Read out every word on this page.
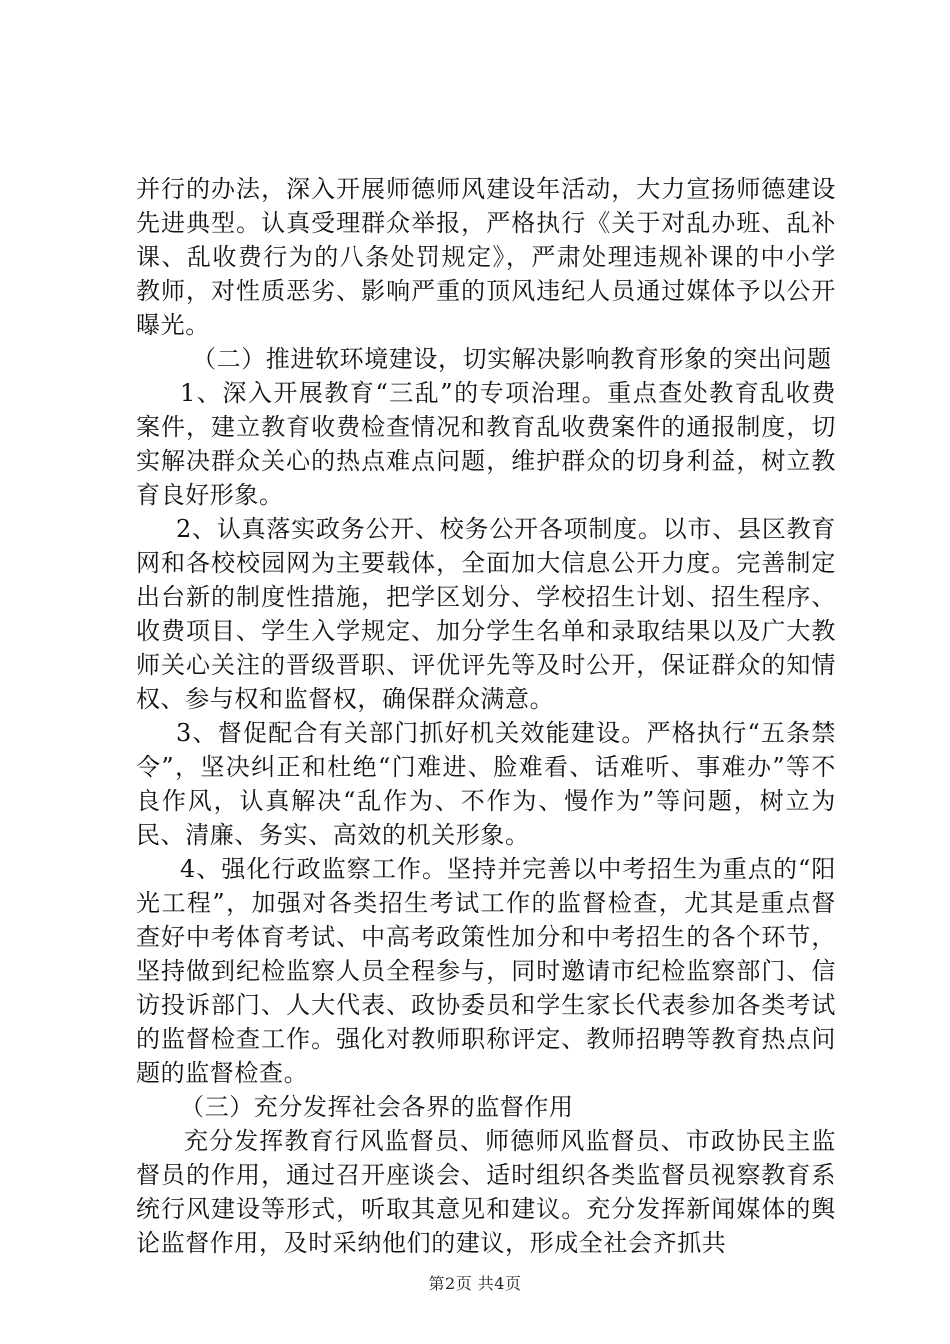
并行的办法，深入开展师德师风建设年活动，大力宣扬师德建设先进典型。认真受理群众举报，严格执行《关于对乱办班、乱补课、乱收费行为的八条处罚规定》，严肃处理违规补课的中小学教师，对性质恶劣、影响严重的顶风违纪人员通过媒体予以公开曝光。

（二）推进软环境建设，切实解决影响教育形象的突出问题

1、深入开展教育“三乱”的专项治理。重点查处教育乱收费案件，建立教育收费检查情况和教育乱收费案件的通报制度，切实解决群众关心的热点难点问题，维护群众的切身利益，树立教育良好形象。

2、认真落实政务公开、校务公开各项制度。以市、县区教育网和各校校园网为主要载体，全面加大信息公开力度。完善制定出台新的制度性措施，把学区划分、学校招生计划、招生程序、收费项目、学生入学规定、加分学生名单和录取结果以及广大教师关心关注的晋级晋职、评优评先等及时公开，保证群众的知情权、参与权和监督权，确保群众满意。

3、督促配合有关部门抓好机关效能建设。严格执行“五条禁令”，坚决纠正和杜绝“门难进、脸难看、话难听、事难办”等不良作风，认真解决“乱作为、不作为、慢作为”等问题，树立为民、清廉、务实、高效的机关形象。

4、强化行政监察工作。坚持并完善以中考招生为重点的“阳光工程”，加强对各类招生考试工作的监督检查，尤其是重点督查好中考体育考试、中高考政策性加分和中考招生的各个环节，坚持做到纪检监察人员全程参与，同时邀请市纪检监察部门、信访投诉部门、人大代表、政协委员和学生家长代表参加各类考试的监督检查工作。强化对教师职称评定、教师招聘等教育热点问题的监督检查。

（三）充分发挥社会各界的监督作用

充分发挥教育行风监督员、师德师风监督员、市政协民主监督员的作用，通过召开座谈会、适时组织各类监督员视察教育系统行风建设等形式，听取其意见和建议。充分发挥新闻媒体的舆论监督作用，及时采纳他们的建议，形成全社会齐抓共

第2页 共4页
